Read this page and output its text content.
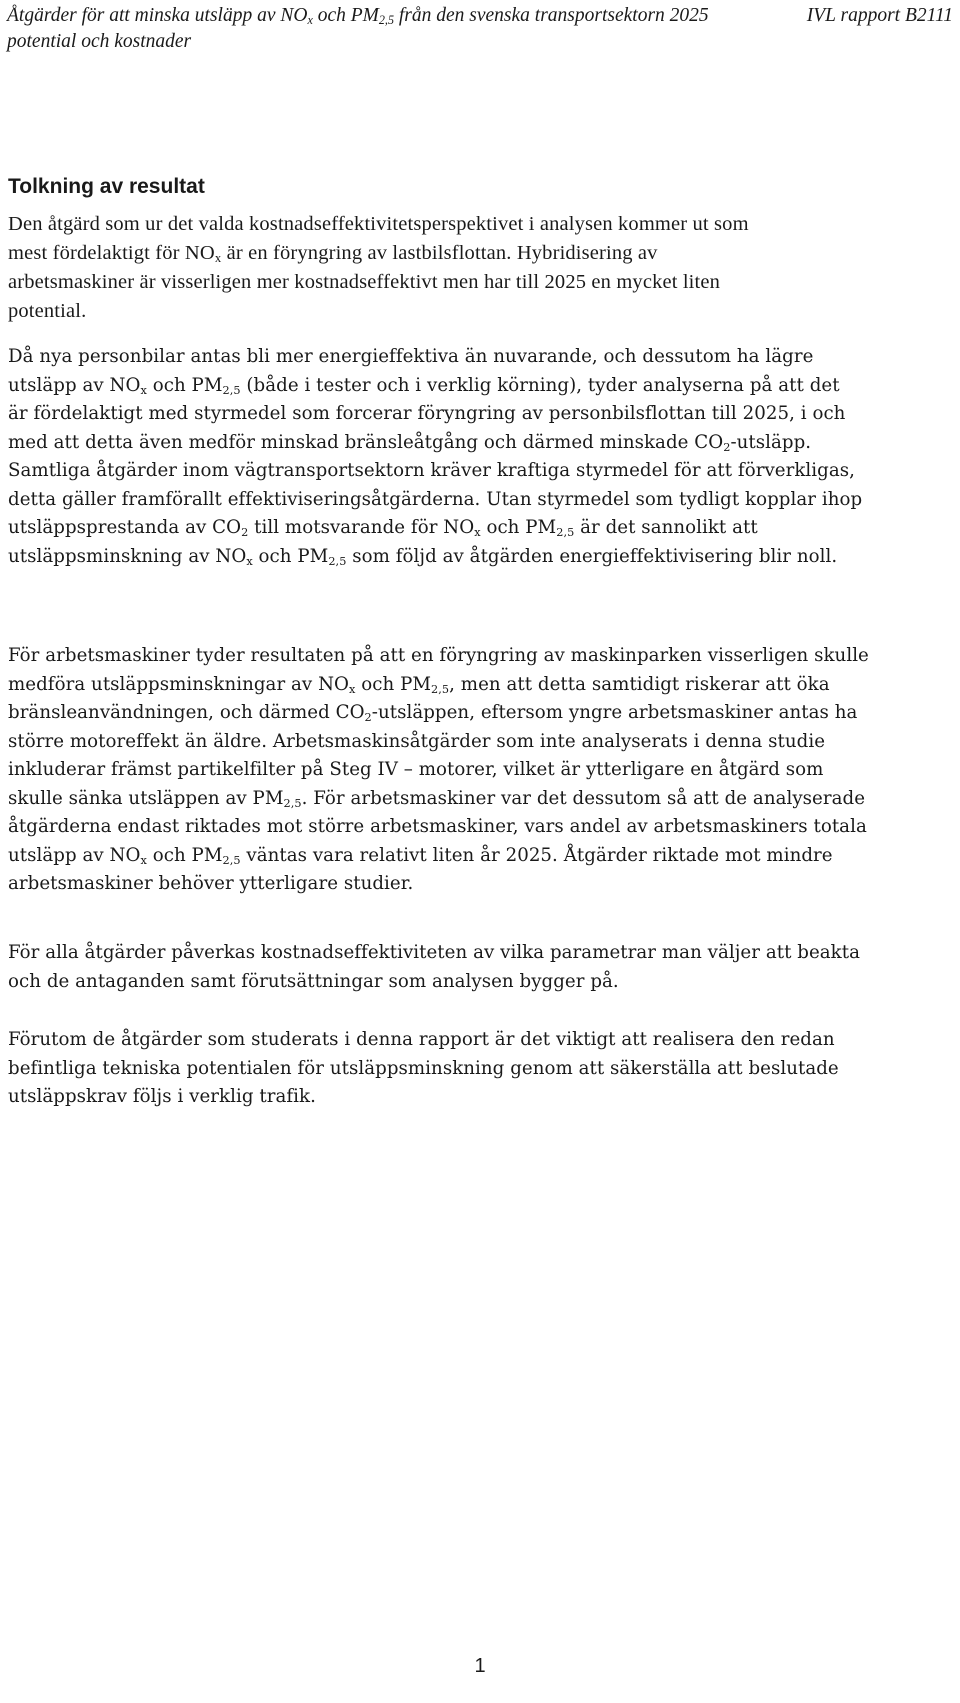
Åtgärder för att minska utsläpp av $NO_x$ och $PM_{2,5}$ från den svenska transportsektorn 2025	IVL rapport B2111
potential och kostnader
Tolkning av resultat
Den åtgärd som ur det valda kostnadseffektivitetsperspektivet i analysen kommer ut som
mest fördelaktigt för $NO_x$ är en föryngring av lastbilsflottan. Hybridisering av
arbetsmaskiner är visserligen mer kostnadseffektivt men har till 2025 en mycket liten
potential.
Då nya personbilar antas bli mer energieffektiva än nuvarande, och dessutom ha lägre
utsläpp av $NO_x$ och $PM_{2,5}$ (både i tester och i verklig körning), tyder analyserna på att det
är fördelaktigt med styrmedel som forcerar föryngring av personbilsflottan till 2025, i och
med att detta även medför minskad bränsleåtgång och därmed minskade $CO_2$-utsläpp.
Samtliga åtgärder inom vägtransportsektorn kräver kraftiga styrmedel för att förverkligas,
detta gäller framförallt effektiviseringsåtgärderna. Utan styrmedel som tydligt kopplar ihop
utsläppsprestanda av $CO_2$ till motsvarande för $NO_x$ och $PM_{2,5}$ är det sannolikt att
utsläppsminskning av $NO_x$ och $PM_{2,5}$ som följd av åtgärden energieffektivisering blir noll.
För arbetsmaskiner tyder resultaten på att en föryngring av maskinparken visserligen skulle
medföra utsläppsminskningar av $NO_x$ och $PM_{2,5}$, men att detta samtidigt riskerar att öka
bränsleanvändningen, och därmed $CO_2$-utsläppen, eftersom yngre arbetsmaskiner antas ha
större motoreffekt än äldre. Arbetsmaskinsåtgärder som inte analyserats i denna studie
inkluderar främst partikelfilter på Steg IV – motorer, vilket är ytterligare en åtgärd som
skulle sänka utsläppen av $PM_{2,5}$. För arbetsmaskiner var det dessutom så att de analyserade
åtgärderna endast riktades mot större arbetsmaskiner, vars andel av arbetsmaskiners totala
utsläpp av $NO_x$ och $PM_{2,5}$ väntas vara relativt liten år 2025. Åtgärder riktade mot mindre
arbetsmaskiner behöver ytterligare studier.
För alla åtgärder påverkas kostnadseffektiviteten av vilka parametrar man väljer att beakta
och de antaganden samt förutsättningar som analysen bygger på.
Förutom de åtgärder som studerats i denna rapport är det viktigt att realisera den redan
befintliga tekniska potentialen för utsläppsminskning genom att säkerställa att beslutade
utsläppskrav följs i verklig trafik.
1
